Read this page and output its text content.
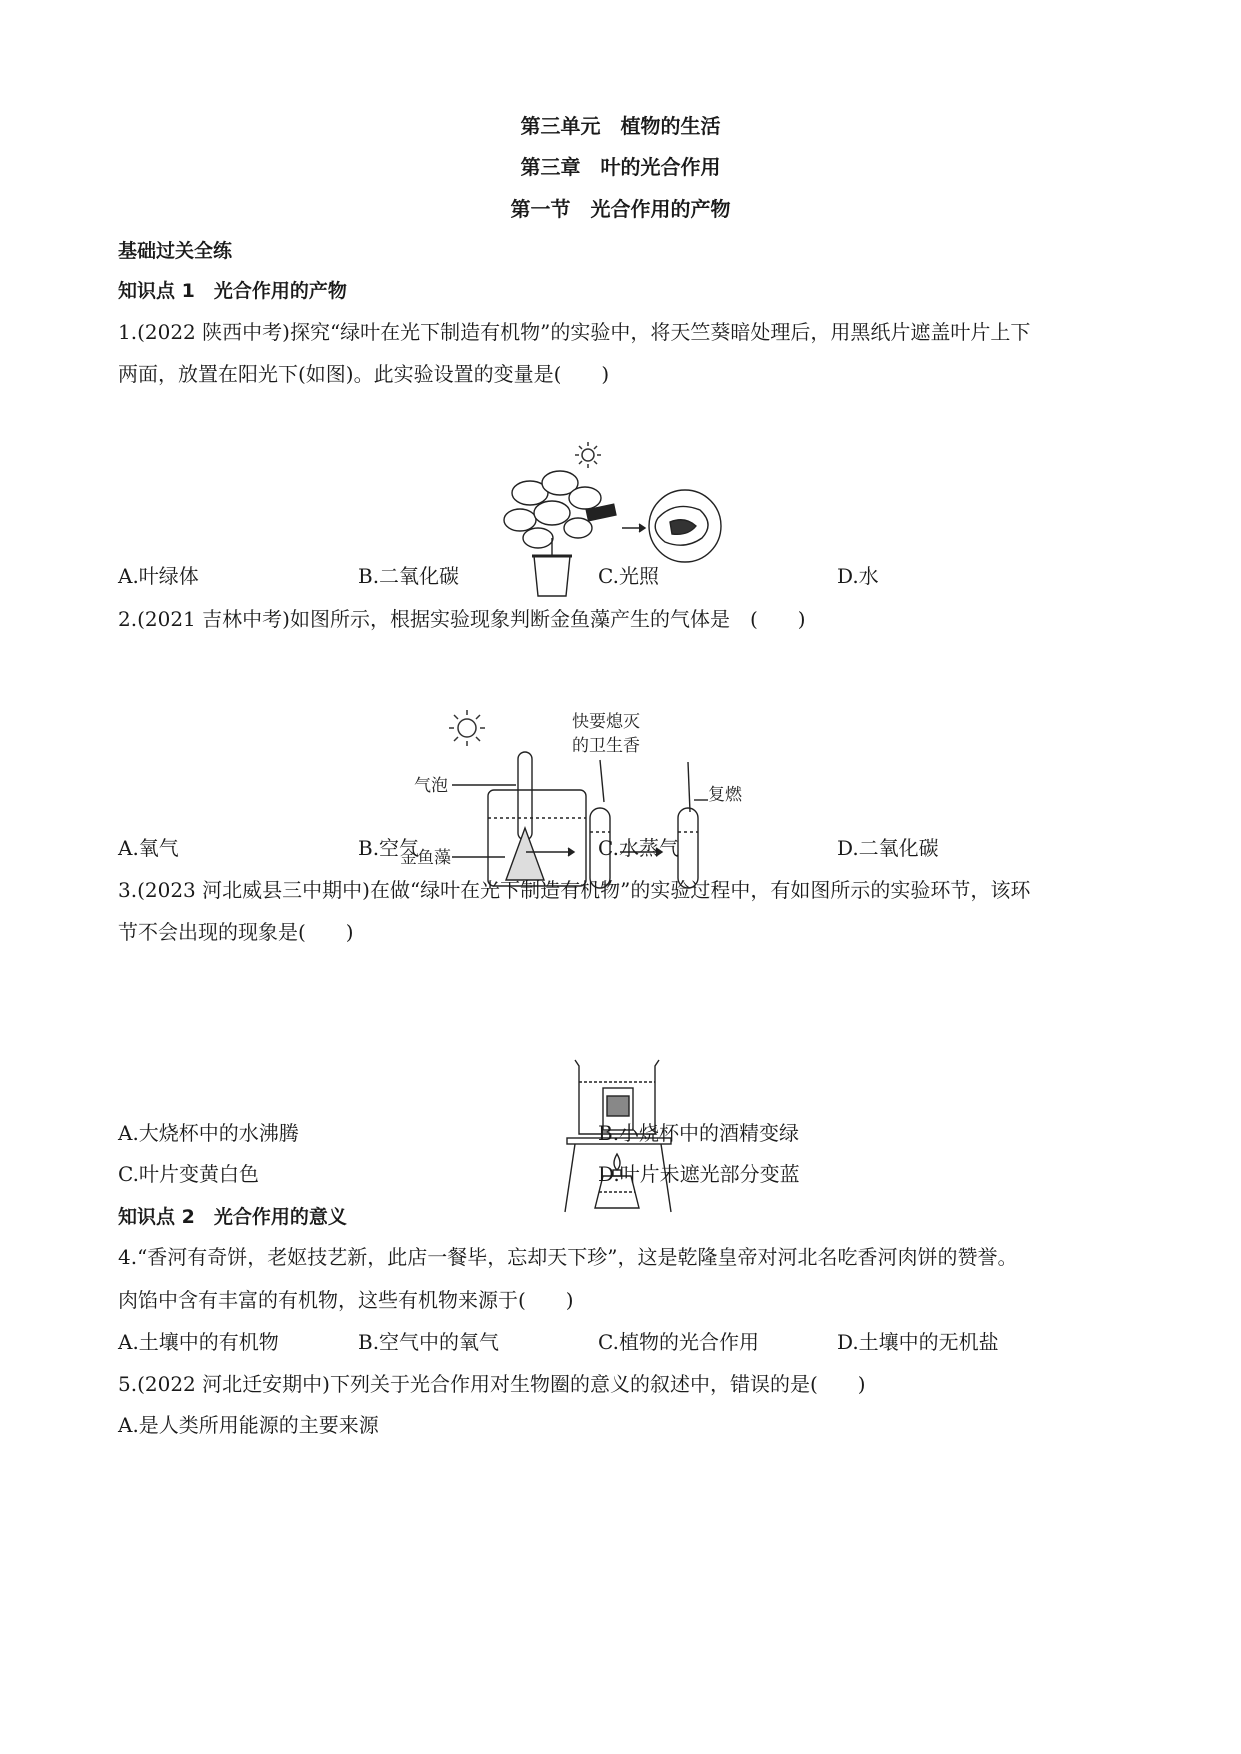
第三单元　植物的生活
第三章　叶的光合作用
第一节　光合作用的产物
基础过关全练
知识点 1　光合作用的产物
1.(2022 陕西中考)探究“绿叶在光下制造有机物”的实验中，将天竺葵暗处理后，用黑纸片遮盖叶片上下
两面，放置在阳光下(如图)。此实验设置的变量是(　　)
A.叶绿体	B.二氧化碳	C.光照	D.水
2.(2021 吉林中考)如图所示，根据实验现象判断金鱼藻产生的气体是　(　　)
快要熄灭
的卫生香
气泡
金鱼藻
复燃
A.氧气	B.空气	C.水蒸气	D.二氧化碳
3.(2023 河北威县三中期中)在做“绿叶在光下制造有机物”的实验过程中，有如图所示的实验环节，该环
节不会出现的现象是(　　)
A.大烧杯中的水沸腾	B.小烧杯中的酒精变绿
C.叶片变黄白色	D.叶片未遮光部分变蓝
知识点 2　光合作用的意义
4.“香河有奇饼，老妪技艺新，此店一餐毕，忘却天下珍”，这是乾隆皇帝对河北名吃香河肉饼的赞誉。
肉馅中含有丰富的有机物，这些有机物来源于(　　)
A.土壤中的有机物	B.空气中的氧气	C.植物的光合作用	D.土壤中的无机盐
5.(2022 河北迁安期中)下列关于光合作用对生物圈的意义的叙述中，错误的是(　　)
A.是人类所用能源的主要来源
